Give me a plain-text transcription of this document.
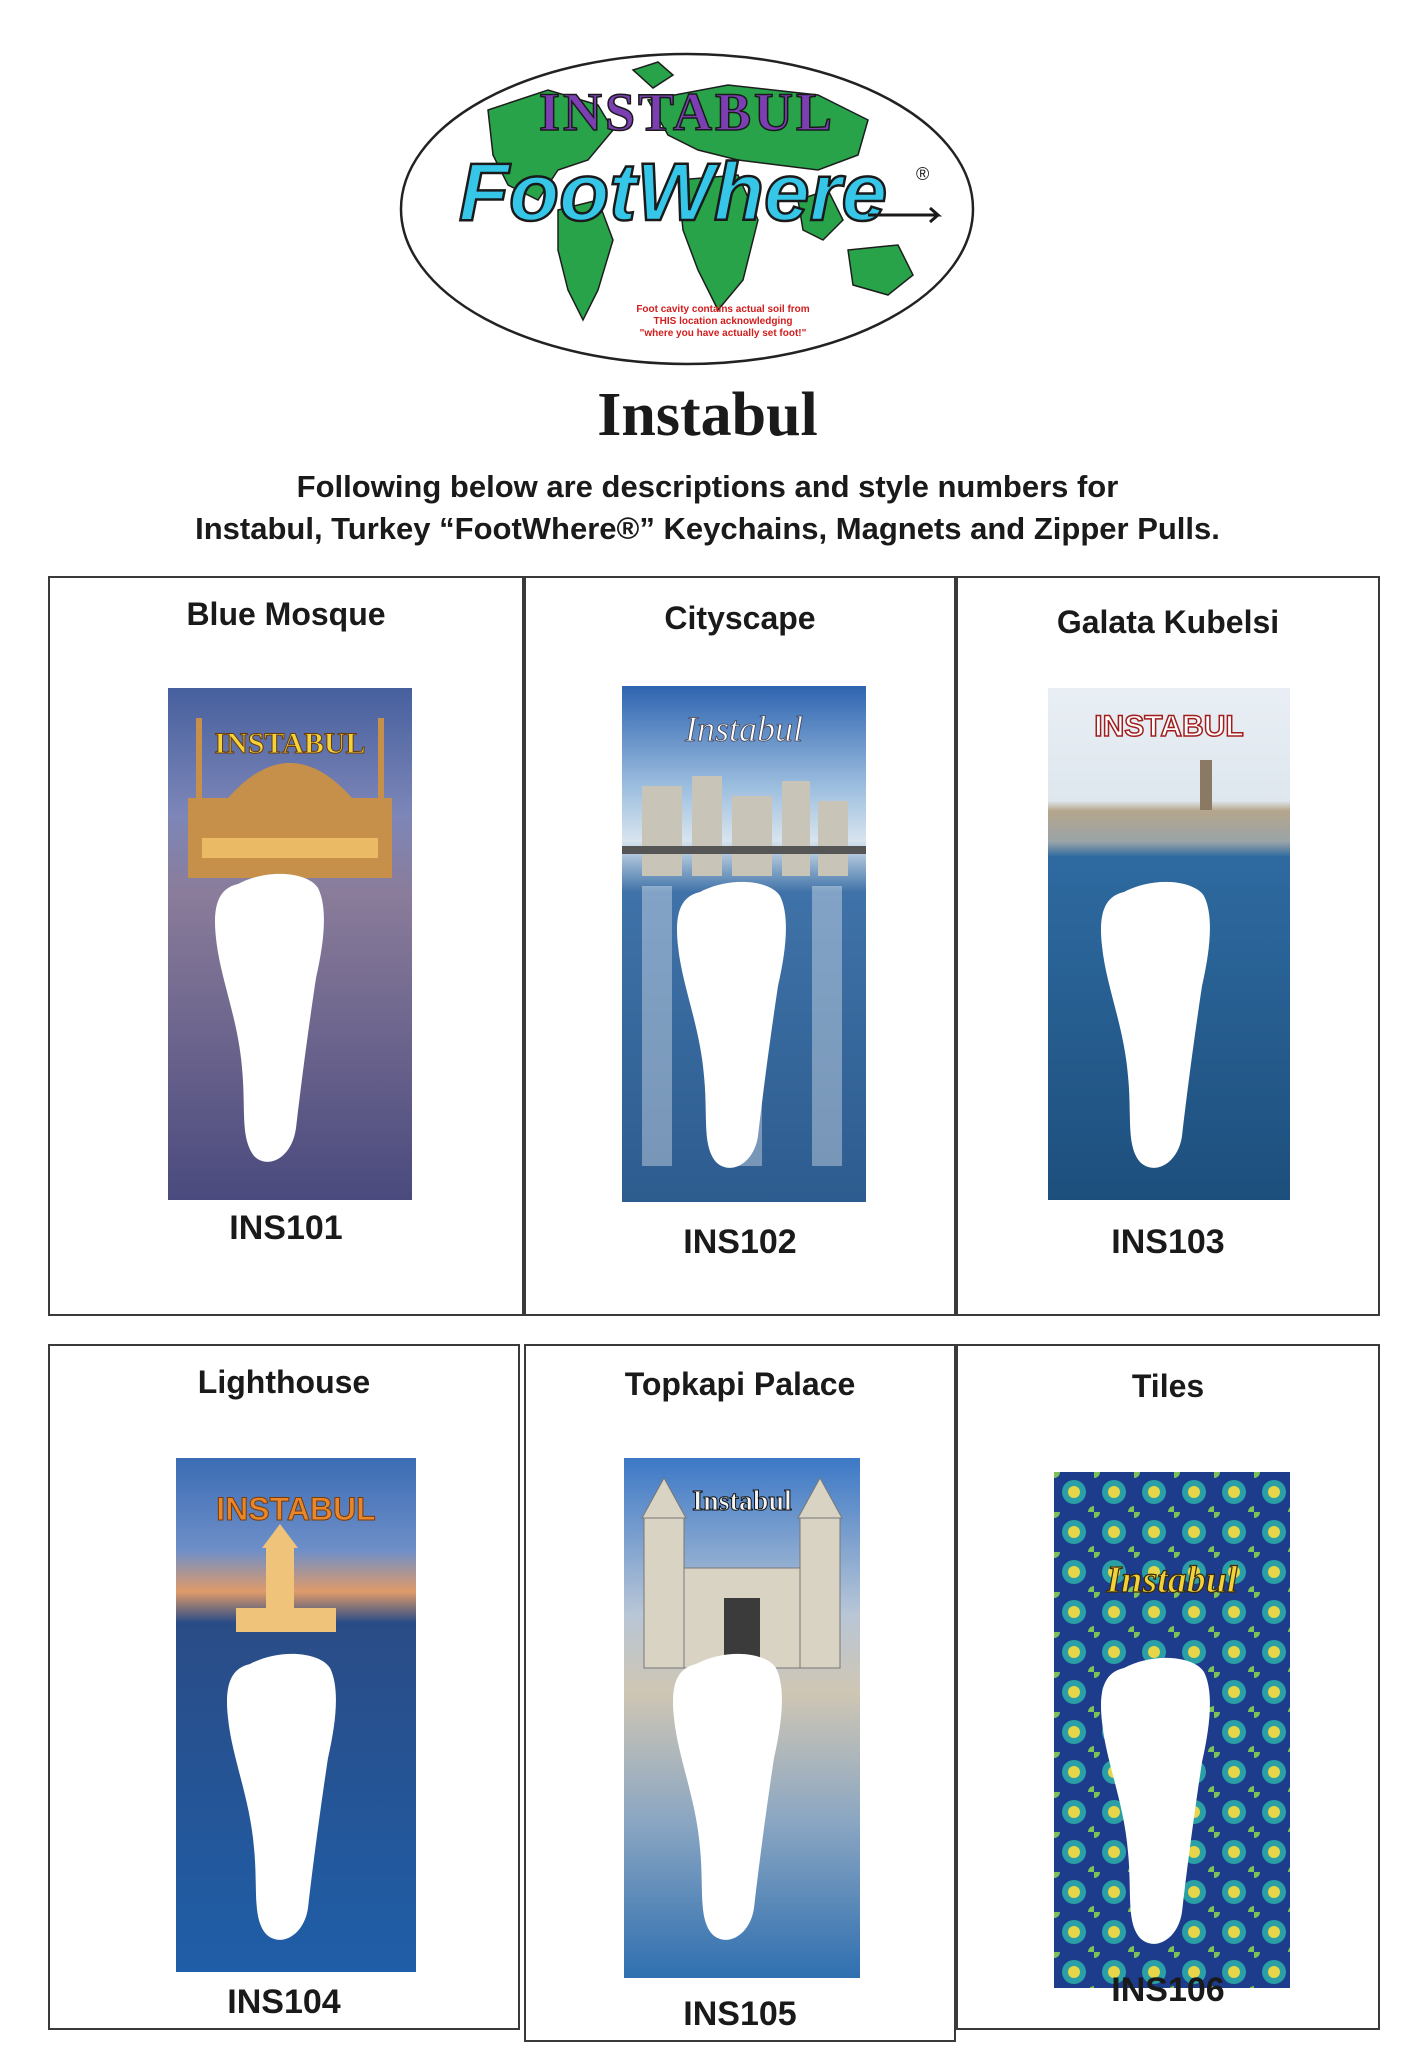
INSTABUL
FootWhere ®
Foot cavity contains actual soil from
THIS location acknowledging
"where you have actually set foot!"
Instabul
Following below are descriptions and style numbers for
Instabul, Turkey “FootWhere®” Keychains, Magnets and Zipper Pulls.
Blue Mosque
INSTABUL
INS101
Cityscape
Instabul
INS102
Galata Kubelsi
INSTABUL
INS103
Lighthouse
INSTABUL
INS104
Topkapi Palace
Instabul
INS105
Tiles
Instabul
INS106
